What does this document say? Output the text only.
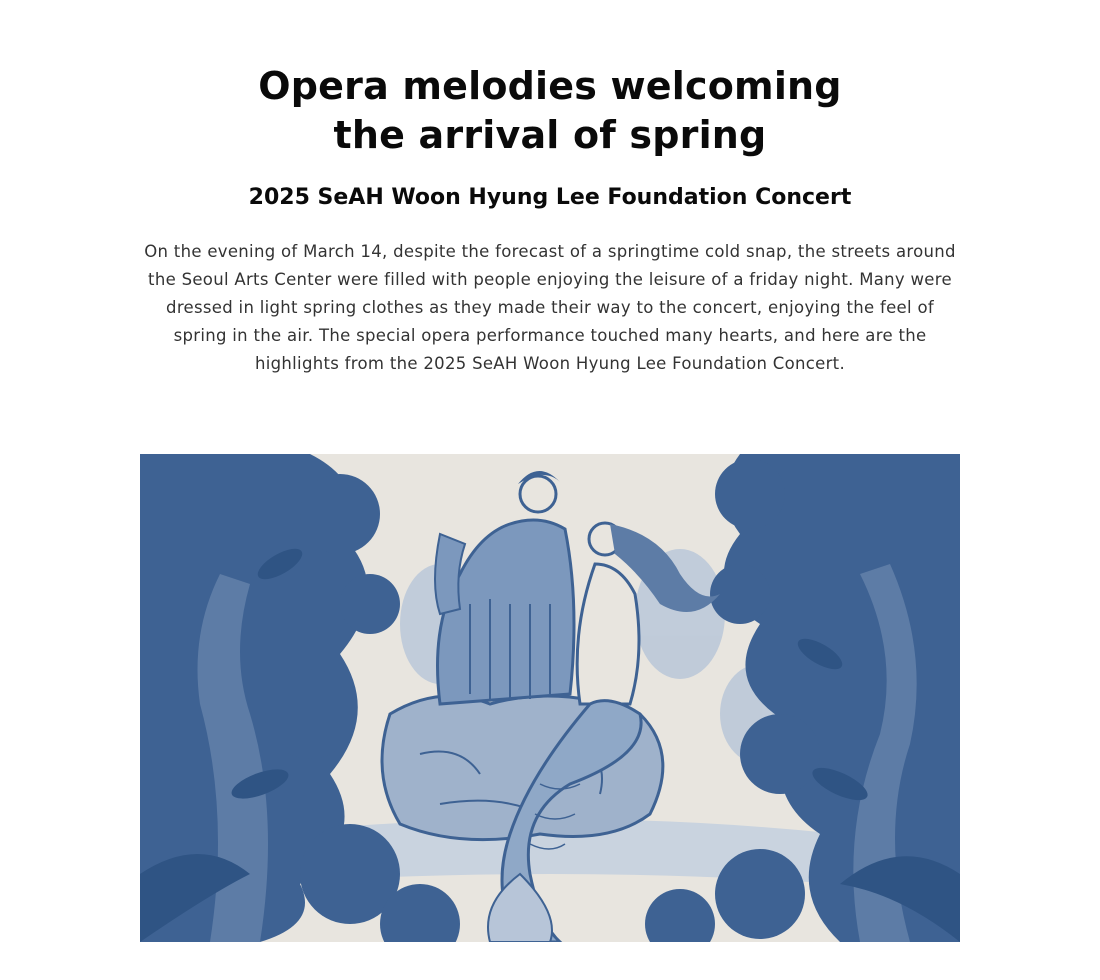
Opera melodies welcoming
the arrival of spring
2025 SeAH Woon Hyung Lee Foundation Concert

On the evening of March 14, despite the forecast of a springtime cold snap, the streets around the Seoul Arts Center were filled with people enjoying the leisure of a friday night. Many were dressed in light spring clothes as they made their way to the concert, enjoying the feel of spring in the air. The special opera performance touched many hearts, and here are the highlights from the 2025 SeAH Woon Hyung Lee Foundation Concert.
